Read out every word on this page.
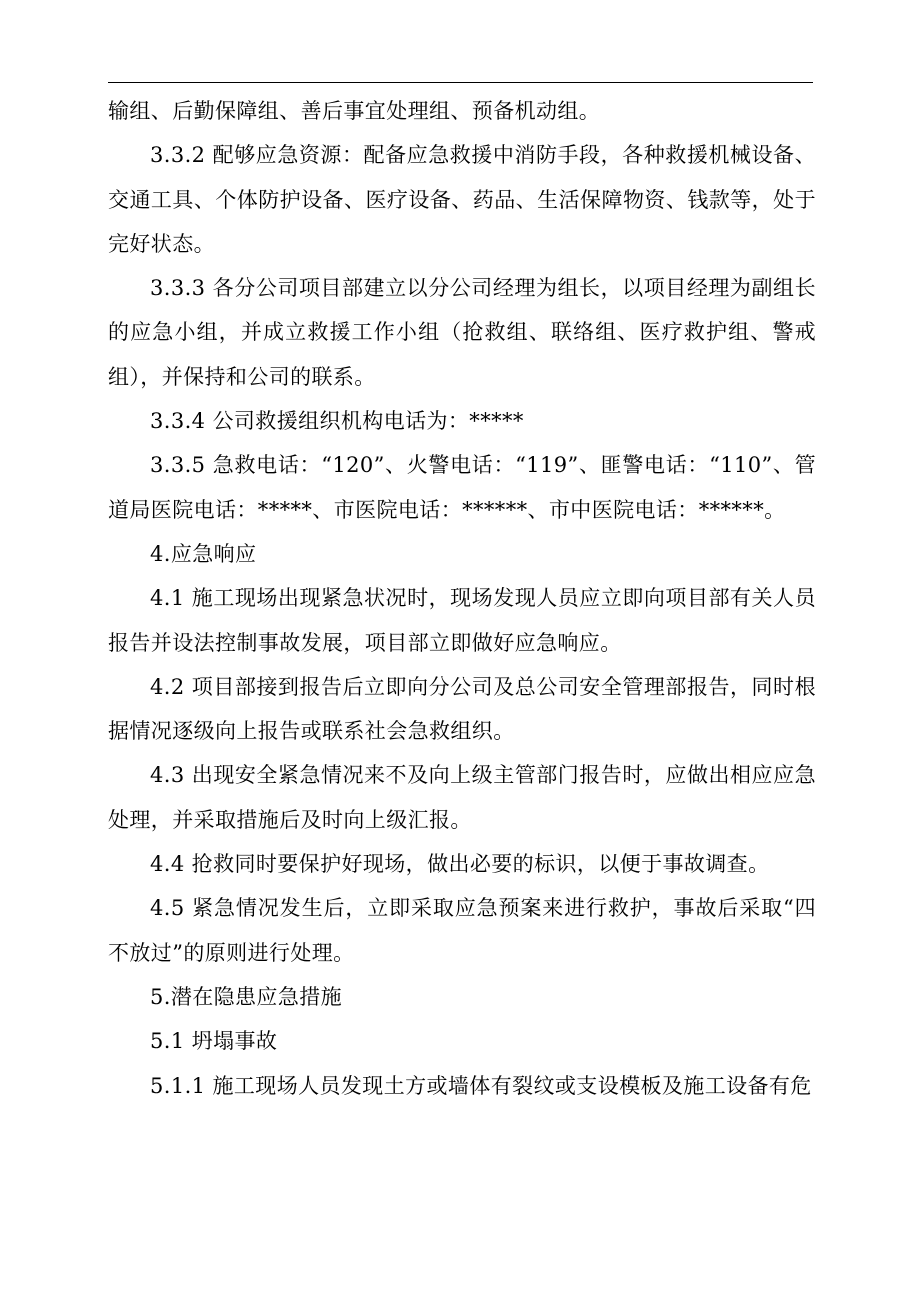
输组、后勤保障组、善后事宜处理组、预备机动组。

3.3.2 配够应急资源：配备应急救援中消防手段，各种救援机械设备、交通工具、个体防护设备、医疗设备、药品、生活保障物资、钱款等，处于完好状态。

3.3.3 各分公司项目部建立以分公司经理为组长，以项目经理为副组长的应急小组，并成立救援工作小组（抢救组、联络组、医疗救护组、警戒组），并保持和公司的联系。

3.3.4 公司救援组织机构电话为：*****

3.3.5 急救电话：“120”、火警电话：“119”、匪警电话：“110”、管道局医院电话：*****、市医院电话：******、市中医院电话：******。

4.应急响应

4.1 施工现场出现紧急状况时，现场发现人员应立即向项目部有关人员报告并设法控制事故发展，项目部立即做好应急响应。

4.2 项目部接到报告后立即向分公司及总公司安全管理部报告，同时根据情况逐级向上报告或联系社会急救组织。

4.3 出现安全紧急情况来不及向上级主管部门报告时，应做出相应应急处理，并采取措施后及时向上级汇报。

4.4 抢救同时要保护好现场，做出必要的标识，以便于事故调查。

4.5 紧急情况发生后，立即采取应急预案来进行救护，事故后采取“四不放过”的原则进行处理。

5.潜在隐患应急措施

5.1 坍塌事故

5.1.1 施工现场人员发现土方或墙体有裂纹或支设模板及施工设备有危
